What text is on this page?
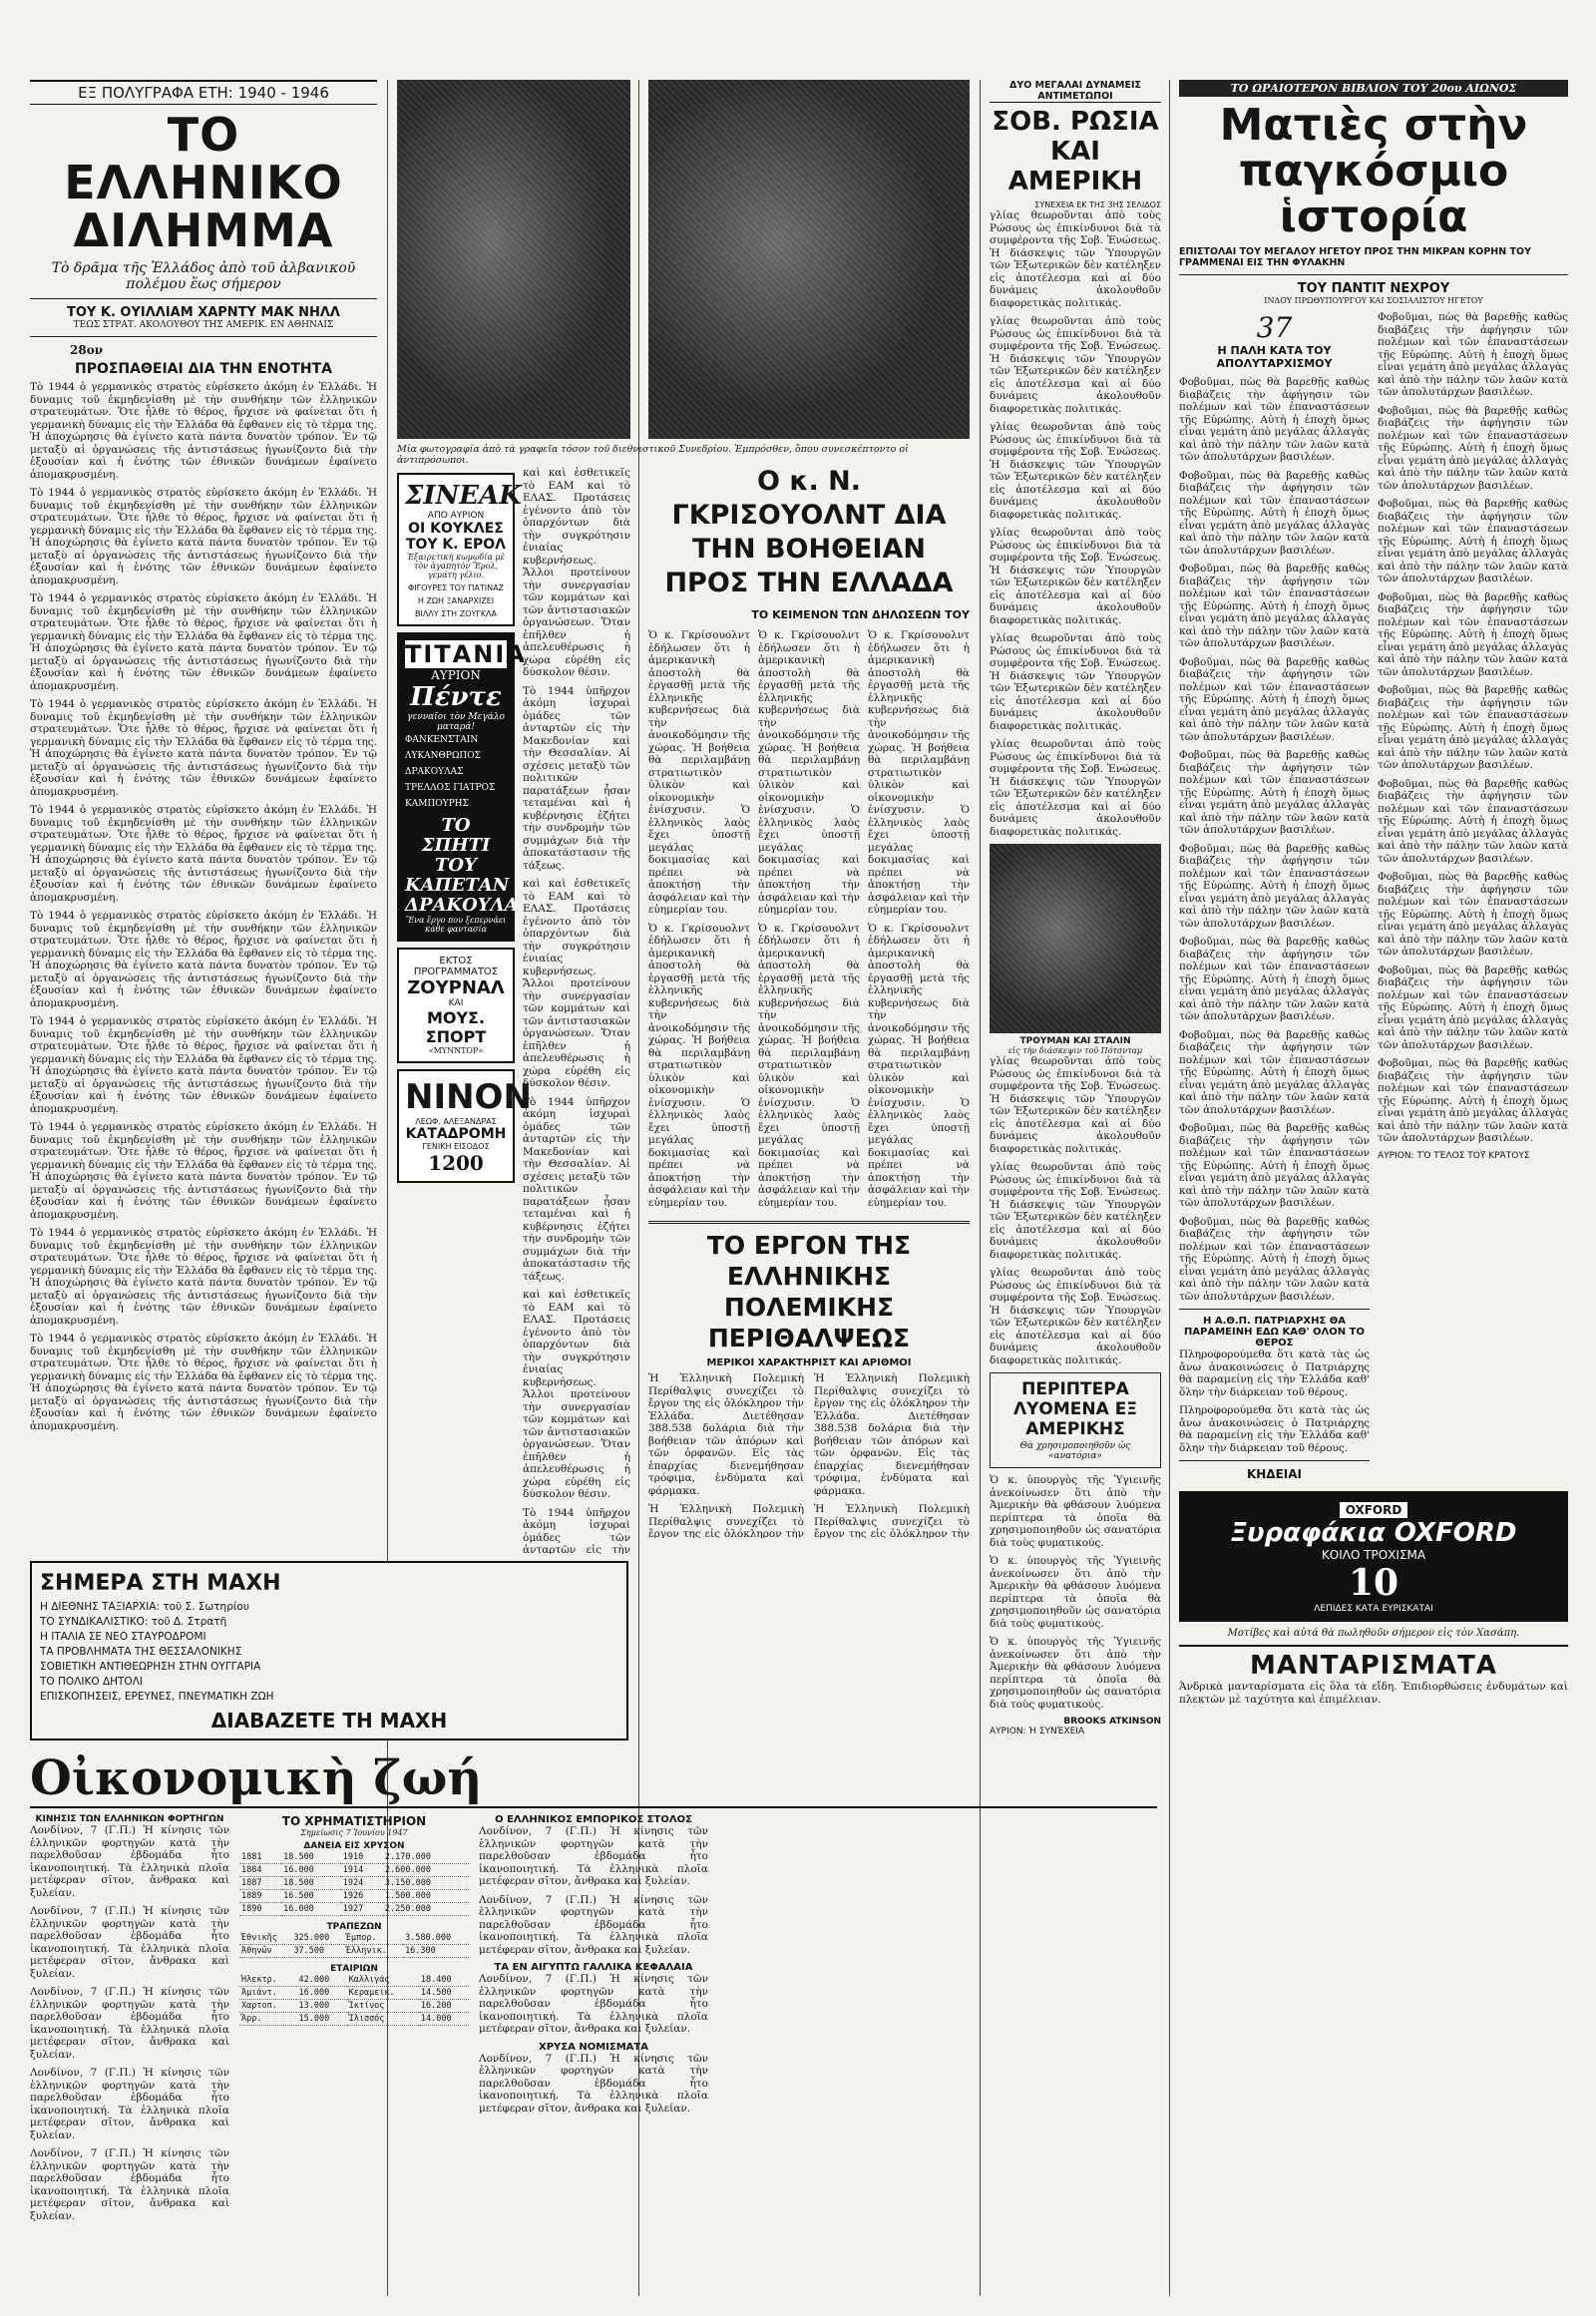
ΕΞ ΠΟΛΥΓΡΑΦΑ ΕΤΗ: 1940 - 1946
ΤΟ ΕΛΛΗΝΙΚΟ ΔΙΛΗΜΜΑ
Τὸ δρᾶμα τῆς Ἑλλάδος ἀπὸ τοῦ ἀλβανικοῦ πολέμου ἕως σήμερον
ΤΟΥ Κ. ΟΥΙΛΛΙΑΜ ΧΑΡΝΤΥ ΜΑΚ ΝΗΛΛ
ΤΕΩΣ ΣΤΡΑΤ. ΑΚΟΛΟΥΘΟΥ ΤΗΣ ΑΜΕΡΙΚ. ΕΝ ΑΘΗΝΑΙΣ
28ον
ΠΡΟΣΠΑΘΕΙΑΙ ΔΙΑ ΤΗΝ ΕΝΟΤΗΤΑ

Τὸ 1944 ὁ γερμανικὸς στρατὸς εὑρίσκετο ἀκόμη ἐν Ἑλλάδι. Ἡ δυναμις τοῦ ἐκμηδενίσθη μὲ τὴν συνθήκην τῶν ἑλληνικῶν στρατευμάτων. Ὅτε ἦλθε τὸ θέρος, ἤρχισε νὰ φαίνεται ὅτι ἡ γερμανικὴ δύναμις εἰς τὴν Ἑλλάδα θὰ ἔφθανεν εἰς τὸ τέρμα της. Ἡ ἀποχώρησις θὰ ἐγίνετο κατὰ πάντα δυνατὸν τρόπον. Ἐν τῷ μεταξὺ αἱ ὀργανώσεις τῆς ἀντιστάσεως ἠγωνίζοντο διὰ τὴν ἐξουσίαν καὶ ἡ ἑνότης τῶν ἐθνικῶν δυνάμεων ἐφαίνετο ἀπομακρυσμένη.

Τὸ 1944 ὁ γερμανικὸς στρατὸς εὑρίσκετο ἀκόμη ἐν Ἑλλάδι. Ἡ δυναμις τοῦ ἐκμηδενίσθη μὲ τὴν συνθήκην τῶν ἑλληνικῶν στρατευμάτων. Ὅτε ἦλθε τὸ θέρος, ἤρχισε νὰ φαίνεται ὅτι ἡ γερμανικὴ δύναμις εἰς τὴν Ἑλλάδα θὰ ἔφθανεν εἰς τὸ τέρμα της. Ἡ ἀποχώρησις θὰ ἐγίνετο κατὰ πάντα δυνατὸν τρόπον. Ἐν τῷ μεταξὺ αἱ ὀργανώσεις τῆς ἀντιστάσεως ἠγωνίζοντο διὰ τὴν ἐξουσίαν καὶ ἡ ἑνότης τῶν ἐθνικῶν δυνάμεων ἐφαίνετο ἀπομακρυσμένη.

Τὸ 1944 ὁ γερμανικὸς στρατὸς εὑρίσκετο ἀκόμη ἐν Ἑλλάδι. Ἡ δυναμις τοῦ ἐκμηδενίσθη μὲ τὴν συνθήκην τῶν ἑλληνικῶν στρατευμάτων. Ὅτε ἦλθε τὸ θέρος, ἤρχισε νὰ φαίνεται ὅτι ἡ γερμανικὴ δύναμις εἰς τὴν Ἑλλάδα θὰ ἔφθανεν εἰς τὸ τέρμα της. Ἡ ἀποχώρησις θὰ ἐγίνετο κατὰ πάντα δυνατὸν τρόπον. Ἐν τῷ μεταξὺ αἱ ὀργανώσεις τῆς ἀντιστάσεως ἠγωνίζοντο διὰ τὴν ἐξουσίαν καὶ ἡ ἑνότης τῶν ἐθνικῶν δυνάμεων ἐφαίνετο ἀπομακρυσμένη.

Τὸ 1944 ὁ γερμανικὸς στρατὸς εὑρίσκετο ἀκόμη ἐν Ἑλλάδι. Ἡ δυναμις τοῦ ἐκμηδενίσθη μὲ τὴν συνθήκην τῶν ἑλληνικῶν στρατευμάτων. Ὅτε ἦλθε τὸ θέρος, ἤρχισε νὰ φαίνεται ὅτι ἡ γερμανικὴ δύναμις εἰς τὴν Ἑλλάδα θὰ ἔφθανεν εἰς τὸ τέρμα της. Ἡ ἀποχώρησις θὰ ἐγίνετο κατὰ πάντα δυνατὸν τρόπον. Ἐν τῷ μεταξὺ αἱ ὀργανώσεις τῆς ἀντιστάσεως ἠγωνίζοντο διὰ τὴν ἐξουσίαν καὶ ἡ ἑνότης τῶν ἐθνικῶν δυνάμεων ἐφαίνετο ἀπομακρυσμένη.

Τὸ 1944 ὁ γερμανικὸς στρατὸς εὑρίσκετο ἀκόμη ἐν Ἑλλάδι. Ἡ δυναμις τοῦ ἐκμηδενίσθη μὲ τὴν συνθήκην τῶν ἑλληνικῶν στρατευμάτων. Ὅτε ἦλθε τὸ θέρος, ἤρχισε νὰ φαίνεται ὅτι ἡ γερμανικὴ δύναμις εἰς τὴν Ἑλλάδα θὰ ἔφθανεν εἰς τὸ τέρμα της. Ἡ ἀποχώρησις θὰ ἐγίνετο κατὰ πάντα δυνατὸν τρόπον. Ἐν τῷ μεταξὺ αἱ ὀργανώσεις τῆς ἀντιστάσεως ἠγωνίζοντο διὰ τὴν ἐξουσίαν καὶ ἡ ἑνότης τῶν ἐθνικῶν δυνάμεων ἐφαίνετο ἀπομακρυσμένη.

Τὸ 1944 ὁ γερμανικὸς στρατὸς εὑρίσκετο ἀκόμη ἐν Ἑλλάδι. Ἡ δυναμις τοῦ ἐκμηδενίσθη μὲ τὴν συνθήκην τῶν ἑλληνικῶν στρατευμάτων. Ὅτε ἦλθε τὸ θέρος, ἤρχισε νὰ φαίνεται ὅτι ἡ γερμανικὴ δύναμις εἰς τὴν Ἑλλάδα θὰ ἔφθανεν εἰς τὸ τέρμα της. Ἡ ἀποχώρησις θὰ ἐγίνετο κατὰ πάντα δυνατὸν τρόπον. Ἐν τῷ μεταξὺ αἱ ὀργανώσεις τῆς ἀντιστάσεως ἠγωνίζοντο διὰ τὴν ἐξουσίαν καὶ ἡ ἑνότης τῶν ἐθνικῶν δυνάμεων ἐφαίνετο ἀπομακρυσμένη.

Τὸ 1944 ὁ γερμανικὸς στρατὸς εὑρίσκετο ἀκόμη ἐν Ἑλλάδι. Ἡ δυναμις τοῦ ἐκμηδενίσθη μὲ τὴν συνθήκην τῶν ἑλληνικῶν στρατευμάτων. Ὅτε ἦλθε τὸ θέρος, ἤρχισε νὰ φαίνεται ὅτι ἡ γερμανικὴ δύναμις εἰς τὴν Ἑλλάδα θὰ ἔφθανεν εἰς τὸ τέρμα της. Ἡ ἀποχώρησις θὰ ἐγίνετο κατὰ πάντα δυνατὸν τρόπον. Ἐν τῷ μεταξὺ αἱ ὀργανώσεις τῆς ἀντιστάσεως ἠγωνίζοντο διὰ τὴν ἐξουσίαν καὶ ἡ ἑνότης τῶν ἐθνικῶν δυνάμεων ἐφαίνετο ἀπομακρυσμένη.

Τὸ 1944 ὁ γερμανικὸς στρατὸς εὑρίσκετο ἀκόμη ἐν Ἑλλάδι. Ἡ δυναμις τοῦ ἐκμηδενίσθη μὲ τὴν συνθήκην τῶν ἑλληνικῶν στρατευμάτων. Ὅτε ἦλθε τὸ θέρος, ἤρχισε νὰ φαίνεται ὅτι ἡ γερμανικὴ δύναμις εἰς τὴν Ἑλλάδα θὰ ἔφθανεν εἰς τὸ τέρμα της. Ἡ ἀποχώρησις θὰ ἐγίνετο κατὰ πάντα δυνατὸν τρόπον. Ἐν τῷ μεταξὺ αἱ ὀργανώσεις τῆς ἀντιστάσεως ἠγωνίζοντο διὰ τὴν ἐξουσίαν καὶ ἡ ἑνότης τῶν ἐθνικῶν δυνάμεων ἐφαίνετο ἀπομακρυσμένη.

Τὸ 1944 ὁ γερμανικὸς στρατὸς εὑρίσκετο ἀκόμη ἐν Ἑλλάδι. Ἡ δυναμις τοῦ ἐκμηδενίσθη μὲ τὴν συνθήκην τῶν ἑλληνικῶν στρατευμάτων. Ὅτε ἦλθε τὸ θέρος, ἤρχισε νὰ φαίνεται ὅτι ἡ γερμανικὴ δύναμις εἰς τὴν Ἑλλάδα θὰ ἔφθανεν εἰς τὸ τέρμα της. Ἡ ἀποχώρησις θὰ ἐγίνετο κατὰ πάντα δυνατὸν τρόπον. Ἐν τῷ μεταξὺ αἱ ὀργανώσεις τῆς ἀντιστάσεως ἠγωνίζοντο διὰ τὴν ἐξουσίαν καὶ ἡ ἑνότης τῶν ἐθνικῶν δυνάμεων ἐφαίνετο ἀπομακρυσμένη.

Τὸ 1944 ὁ γερμανικὸς στρατὸς εὑρίσκετο ἀκόμη ἐν Ἑλλάδι. Ἡ δυναμις τοῦ ἐκμηδενίσθη μὲ τὴν συνθήκην τῶν ἑλληνικῶν στρατευμάτων. Ὅτε ἦλθε τὸ θέρος, ἤρχισε νὰ φαίνεται ὅτι ἡ γερμανικὴ δύναμις εἰς τὴν Ἑλλάδα θὰ ἔφθανεν εἰς τὸ τέρμα της. Ἡ ἀποχώρησις θὰ ἐγίνετο κατὰ πάντα δυνατὸν τρόπον. Ἐν τῷ μεταξὺ αἱ ὀργανώσεις τῆς ἀντιστάσεως ἠγωνίζοντο διὰ τὴν ἐξουσίαν καὶ ἡ ἑνότης τῶν ἐθνικῶν δυνάμεων ἐφαίνετο ἀπομακρυσμένη.

ΣΗΜΕΡΑ ΣΤΗ ΜΑΧΗ
Η ΔΙΕΘΝΗΣ ΤΑΞΙΑΡΧΙΑ: τοῦ Σ. Σωτηρίου
ΤΟ ΣΥΝΔΙΚΑΛΙΣΤΙΚΟ: τοῦ Δ. Στρατῆ
Η ΙΤΑΛΙΑ ΣΕ ΝΕΟ ΣΤΑΥΡΟΔΡΟΜΙ
ΤΑ ΠΡΟΒΛΗΜΑΤΑ ΤΗΣ ΘΕΣΣΑΛΟΝΙΚΗΣ
ΣΟΒΙΕΤΙΚΗ ΑΝΤΙΘΕΩΡΗΣΗ ΣΤΗΝ ΟΥΓΓΑΡΙΑ
ΤΟ ΠΟΛΙΚΟ ΔΗΤΟΛΙ
ΕΠΙΣΚΟΠΗΣΕΙΣ, ΕΡΕΥΝΕΣ, ΠΝΕΥΜΑΤΙΚΗ ΖΩΗ
ΔΙΑΒΑΖΕΤΕ ΤΗ ΜΑΧΗ
Μία φωτογραφία ἀπὸ τὰ γραφεῖα τόσον τοῦ διεθνιστικοῦ Συνεδρίου. Ἐμπρόσθεν, ὅπου συνεσκέπτοντο οἱ ἀντιπρόσωποι.
ΣΙΝΕΑΚ
ΑΠΟ ΑΥΡΙΟΝ
ΟΙ ΚΟΥΚΛΕΣ ΤΟΥ Κ. ΕΡΟΛ
Ἐξαιρετικὴ κωμῳδία μὲ τὸν ἀγαπητὸν Ἔρολ, γεμάτη γέλιο.
ΦΙΓΟΥΡΕΣ ΤΟΥ ΠΑΤΙΝΑΖ
Η ΖΩΗ ΞΑΝΑΡΧΙΖΕΙ
ΒΙΛΛΥ ΣΤΗ ΖΟΥΓΚΛΑ
ΤΙΤΑΝΙΑ
ΑΥΡΙΟΝ
Πέντε
γενναῖοι τὸν Μεγάλο ματαρά!
ΦΑΝΚΕΝΣΤΑΙΝ
ΛΥΚΑΝΘΡΩΠΟΣ
ΔΡΑΚΟΥΛΑΣ
ΤΡΕΛΛΟΣ ΓΙΑΤΡΟΣ
ΚΑΜΠΟΥΡΗΣ
ΤΟ ΣΠΗΤΙ ΤΟΥ ΚΑΠΕΤΑΝ ΔΡΑΚΟΥΛΑ
Ἕνα ἔργο που ξεπερνάει κάθε φαντασία
ΕΚΤΟΣ ΠΡΟΓΡΑΜΜΑΤΟΣ
ΖΟΥΡΝΑΛ
ΚΑΙ
ΜΟΥΣ. ΣΠΟΡΤ
«ΜΥΝΝΤΟΡ»
ΝΙΝΟΝ
ΛΕΩΦ. ΑΛΕΞΑΝΔΡΑΣ
ΚΑΤΑΔΡΟΜΗ
ΓΕΝΙΚΗ ΕΙΣΟΔΟΣ
1200

καὶ καὶ ἐσθετικεῖς τὸ ΕΑΜ καὶ τὸ ΕΛΑΣ. Προτάσεις ἐγένοντο ἀπὸ τὸν ὁπαρχόντων διὰ τὴν συγκρότησιν ἐνιαίας κυβερνήσεως. Ἄλλοι προτείνουν τὴν συνεργασίαν τῶν κομμάτων καὶ τῶν ἀντιστασιακῶν ὀργανώσεων. Ὅταν ἐπῆλθεν ἡ ἀπελευθέρωσις ἡ χώρα εὑρέθη εἰς δύσκολον θέσιν.

Τὸ 1944 ὑπῆρχον ἀκόμη ἰσχυραὶ ὁμάδες τῶν ἀνταρτῶν εἰς τὴν Μακεδονίαν καὶ τὴν Θεσσαλίαν. Αἱ σχέσεις μεταξὺ τῶν πολιτικῶν παρατάξεων ἦσαν τεταμέναι καὶ ἡ κυβέρνησις ἐζήτει τὴν συνδρομὴν τῶν συμμάχων διὰ τὴν ἀποκατάστασιν τῆς τάξεως.

καὶ καὶ ἐσθετικεῖς τὸ ΕΑΜ καὶ τὸ ΕΛΑΣ. Προτάσεις ἐγένοντο ἀπὸ τὸν ὁπαρχόντων διὰ τὴν συγκρότησιν ἐνιαίας κυβερνήσεως. Ἄλλοι προτείνουν τὴν συνεργασίαν τῶν κομμάτων καὶ τῶν ἀντιστασιακῶν ὀργανώσεων. Ὅταν ἐπῆλθεν ἡ ἀπελευθέρωσις ἡ χώρα εὑρέθη εἰς δύσκολον θέσιν.

Τὸ 1944 ὑπῆρχον ἀκόμη ἰσχυραὶ ὁμάδες τῶν ἀνταρτῶν εἰς τὴν Μακεδονίαν καὶ τὴν Θεσσαλίαν. Αἱ σχέσεις μεταξὺ τῶν πολιτικῶν παρατάξεων ἦσαν τεταμέναι καὶ ἡ κυβέρνησις ἐζήτει τὴν συνδρομὴν τῶν συμμάχων διὰ τὴν ἀποκατάστασιν τῆς τάξεως.

καὶ καὶ ἐσθετικεῖς τὸ ΕΑΜ καὶ τὸ ΕΛΑΣ. Προτάσεις ἐγένοντο ἀπὸ τὸν ὁπαρχόντων διὰ τὴν συγκρότησιν ἐνιαίας κυβερνήσεως. Ἄλλοι προτείνουν τὴν συνεργασίαν τῶν κομμάτων καὶ τῶν ἀντιστασιακῶν ὀργανώσεων. Ὅταν ἐπῆλθεν ἡ ἀπελευθέρωσις ἡ χώρα εὑρέθη εἰς δύσκολον θέσιν.

Τὸ 1944 ὑπῆρχον ἀκόμη ἰσχυραὶ ὁμάδες τῶν ἀνταρτῶν εἰς τὴν

Ο κ. Ν. ΓΚΡΙΣΟΥΟΛΝΤ ΔΙΑ ΤΗΝ ΒΟΗΘΕΙΑΝ ΠΡΟΣ ΤΗΝ ΕΛΛΑΔΑ
ΤΟ ΚΕΙΜΕΝΟΝ ΤΩΝ ΔΗΛΩΣΕΩΝ ΤΟΥ

Ὁ κ. Γκρίσουολντ ἐδήλωσεν ὅτι ἡ ἀμερικανικὴ ἀποστολὴ θὰ ἐργασθῇ μετὰ τῆς ἑλληνικῆς κυβερνήσεως διὰ τὴν ἀνοικοδόμησιν τῆς χώρας. Ἡ βοήθεια θὰ περιλαμβάνῃ στρατιωτικὸν ὑλικὸν καὶ οἰκονομικὴν ἐνίσχυσιν. Ὁ ἑλληνικὸς λαὸς ἔχει ὑποστῇ μεγάλας δοκιμασίας καὶ πρέπει νὰ ἀποκτήσῃ τὴν ἀσφάλειαν καὶ τὴν εὐημερίαν του.

Ὁ κ. Γκρίσουολντ ἐδήλωσεν ὅτι ἡ ἀμερικανικὴ ἀποστολὴ θὰ ἐργασθῇ μετὰ τῆς ἑλληνικῆς κυβερνήσεως διὰ τὴν ἀνοικοδόμησιν τῆς χώρας. Ἡ βοήθεια θὰ περιλαμβάνῃ στρατιωτικὸν ὑλικὸν καὶ οἰκονομικὴν ἐνίσχυσιν. Ὁ ἑλληνικὸς λαὸς ἔχει ὑποστῇ μεγάλας δοκιμασίας καὶ πρέπει νὰ ἀποκτήσῃ τὴν ἀσφάλειαν καὶ τὴν εὐημερίαν του.

Ὁ κ. Γκρίσουολντ ἐδήλωσεν ὅτι ἡ ἀμερικανικὴ ἀποστολὴ θὰ ἐργασθῇ μετὰ τῆς ἑλληνικῆς κυβερνήσεως διὰ τὴν ἀνοικοδόμησιν τῆς χώρας. Ἡ βοήθεια θὰ περιλαμβάνῃ στρατιωτικὸν ὑλικὸν καὶ οἰκονομικὴν ἐνίσχυσιν. Ὁ ἑλληνικὸς λαὸς ἔχει ὑποστῇ μεγάλας δοκιμασίας καὶ πρέπει νὰ ἀποκτήσῃ τὴν ἀσφάλειαν καὶ τὴν εὐημερίαν του.

Ὁ κ. Γκρίσουολντ ἐδήλωσεν ὅτι ἡ ἀμερικανικὴ ἀποστολὴ θὰ ἐργασθῇ μετὰ τῆς ἑλληνικῆς κυβερνήσεως διὰ τὴν ἀνοικοδόμησιν τῆς χώρας. Ἡ βοήθεια θὰ περιλαμβάνῃ στρατιωτικὸν ὑλικὸν καὶ οἰκονομικὴν ἐνίσχυσιν. Ὁ ἑλληνικὸς λαὸς ἔχει ὑποστῇ μεγάλας δοκιμασίας καὶ πρέπει νὰ ἀποκτήσῃ τὴν ἀσφάλειαν καὶ τὴν εὐημερίαν του.

Ὁ κ. Γκρίσουολντ ἐδήλωσεν ὅτι ἡ ἀμερικανικὴ ἀποστολὴ θὰ ἐργασθῇ μετὰ τῆς ἑλληνικῆς κυβερνήσεως διὰ τὴν ἀνοικοδόμησιν τῆς χώρας. Ἡ βοήθεια θὰ περιλαμβάνῃ στρατιωτικὸν ὑλικὸν καὶ οἰκονομικὴν ἐνίσχυσιν. Ὁ ἑλληνικὸς λαὸς ἔχει ὑποστῇ μεγάλας δοκιμασίας καὶ πρέπει νὰ ἀποκτήσῃ τὴν ἀσφάλειαν καὶ τὴν εὐημερίαν του.

Ὁ κ. Γκρίσουολντ ἐδήλωσεν ὅτι ἡ ἀμερικανικὴ ἀποστολὴ θὰ ἐργασθῇ μετὰ τῆς ἑλληνικῆς κυβερνήσεως διὰ τὴν ἀνοικοδόμησιν τῆς χώρας. Ἡ βοήθεια θὰ περιλαμβάνῃ στρατιωτικὸν ὑλικὸν καὶ οἰκονομικὴν ἐνίσχυσιν. Ὁ ἑλληνικὸς λαὸς ἔχει ὑποστῇ μεγάλας δοκιμασίας καὶ πρέπει νὰ ἀποκτήσῃ τὴν ἀσφάλειαν καὶ τὴν εὐημερίαν του.

ΤΟ ΕΡΓΟΝ ΤΗΣ ΕΛΛΗΝΙΚΗΣ ΠΟΛΕΜΙΚΗΣ ΠΕΡΙΘΑΛΨΕΩΣ
ΜΕΡΙΚΟΙ ΧΑΡΑΚΤΗΡΙΣΤ ΚΑΙ ΑΡΙΘΜΟΙ

Ἡ Ἑλληνικὴ Πολεμικὴ Περίθαλψις συνεχίζει τὸ ἔργον της εἰς ὁλόκληρον τὴν Ἑλλάδα. Διετέθησαν 388.538 δολάρια διὰ τὴν βοήθειαν τῶν ἀπόρων καὶ τῶν ὀρφανῶν. Εἰς τὰς ἐπαρχίας διενεμήθησαν τρόφιμα, ἐνδύματα καὶ φάρμακα.

Ἡ Ἑλληνικὴ Πολεμικὴ Περίθαλψις συνεχίζει τὸ ἔργον της εἰς ὁλόκληρον τὴν

Ἡ Ἑλληνικὴ Πολεμικὴ Περίθαλψις συνεχίζει τὸ ἔργον της εἰς ὁλόκληρον τὴν Ἑλλάδα. Διετέθησαν 388.538 δολάρια διὰ τὴν βοήθειαν τῶν ἀπόρων καὶ τῶν ὀρφανῶν. Εἰς τὰς ἐπαρχίας διενεμήθησαν τρόφιμα, ἐνδύματα καὶ φάρμακα.

Ἡ Ἑλληνικὴ Πολεμικὴ Περίθαλψις συνεχίζει τὸ ἔργον της εἰς ὁλόκληρον τὴν

Οἰκονομικὴ ζωή
ΚΙΝΗΣΙΣ ΤΩΝ ΕΛΛΗΝΙΚΩΝ ΦΟΡΤΗΓΩΝ

Λονδίνον, 7 (Γ.Π.) Ἡ κίνησις τῶν ἑλληνικῶν φορτηγῶν κατὰ τὴν παρελθοῦσαν ἑβδομάδα ἦτο ἱκανοποιητική. Τὰ ἑλληνικὰ πλοῖα μετέφεραν σῖτον, ἄνθρακα καὶ ξυλείαν.

Λονδίνον, 7 (Γ.Π.) Ἡ κίνησις τῶν ἑλληνικῶν φορτηγῶν κατὰ τὴν παρελθοῦσαν ἑβδομάδα ἦτο ἱκανοποιητική. Τὰ ἑλληνικὰ πλοῖα μετέφεραν σῖτον, ἄνθρακα καὶ ξυλείαν.

Λονδίνον, 7 (Γ.Π.) Ἡ κίνησις τῶν ἑλληνικῶν φορτηγῶν κατὰ τὴν παρελθοῦσαν ἑβδομάδα ἦτο ἱκανοποιητική. Τὰ ἑλληνικὰ πλοῖα μετέφεραν σῖτον, ἄνθρακα καὶ ξυλείαν.

Λονδίνον, 7 (Γ.Π.) Ἡ κίνησις τῶν ἑλληνικῶν φορτηγῶν κατὰ τὴν παρελθοῦσαν ἑβδομάδα ἦτο ἱκανοποιητική. Τὰ ἑλληνικὰ πλοῖα μετέφεραν σῖτον, ἄνθρακα καὶ ξυλείαν.

Λονδίνον, 7 (Γ.Π.) Ἡ κίνησις τῶν ἑλληνικῶν φορτηγῶν κατὰ τὴν παρελθοῦσαν ἑβδομάδα ἦτο ἱκανοποιητική. Τὰ ἑλληνικὰ πλοῖα μετέφεραν σῖτον, ἄνθρακα καὶ ξυλείαν.

ΤΟ ΧΡΗΜΑΤΙΣΤΗΡΙΟΝ
Σημείωσις 7 Ἰουνίου 1947
ΔΑΝΕΙΑ ΕΙΣ ΧΡΥΣΟΝ
1881	18.500	1910	2.170.000
1884	16.000	1914	2.600.000
1887	18.500	1924	3.150.000
1889	16.500	1926	1.500.000
1890	16.000	1927	2.250.000
ΤΡΑΠΕΖΩΝ
Ἐθνικῆς	325.000	Ἐμπορ.	3.580.000
Ἀθηνῶν	37.500	Ἐλληνικ.	16.300
ΕΤΑΙΡΙΩΝ
Ἠλεκτρ.	42.000	Καλλιγάς	18.400
Ἀμιάντ.	16.000	Κεραμεικ.	14.500
Χαρτοπ.	13.000	Ἰκτίνος	16.200
Ἄρρ.	15.000	Ἰλισσός	14.000
Ο ΕΛΛΗΝΙΚΟΣ ΕΜΠΟΡΙΚΟΣ ΣΤΟΛΟΣ

Λονδίνον, 7 (Γ.Π.) Ἡ κίνησις τῶν ἑλληνικῶν φορτηγῶν κατὰ τὴν παρελθοῦσαν ἑβδομάδα ἦτο ἱκανοποιητική. Τὰ ἑλληνικὰ πλοῖα μετέφεραν σῖτον, ἄνθρακα καὶ ξυλείαν.

Λονδίνον, 7 (Γ.Π.) Ἡ κίνησις τῶν ἑλληνικῶν φορτηγῶν κατὰ τὴν παρελθοῦσαν ἑβδομάδα ἦτο ἱκανοποιητική. Τὰ ἑλληνικὰ πλοῖα μετέφεραν σῖτον, ἄνθρακα καὶ ξυλείαν.

ΤΑ ΕΝ ΑΙΓΥΠΤΩ ΓΑΛΛΙΚΑ ΚΕΦΑΛΑΙΑ

Λονδίνον, 7 (Γ.Π.) Ἡ κίνησις τῶν ἑλληνικῶν φορτηγῶν κατὰ τὴν παρελθοῦσαν ἑβδομάδα ἦτο ἱκανοποιητική. Τὰ ἑλληνικὰ πλοῖα μετέφεραν σῖτον, ἄνθρακα καὶ ξυλείαν.

ΧΡΥΣΑ ΝΟΜΙΣΜΑΤΑ

Λονδίνον, 7 (Γ.Π.) Ἡ κίνησις τῶν ἑλληνικῶν φορτηγῶν κατὰ τὴν παρελθοῦσαν ἑβδομάδα ἦτο ἱκανοποιητική. Τὰ ἑλληνικὰ πλοῖα μετέφεραν σῖτον, ἄνθρακα καὶ ξυλείαν.

ΔΥΟ ΜΕΓΑΛΑΙ ΔΥΝΑΜΕΙΣ ΑΝΤΙΜΕΤΩΠΟΙ
ΣΟΒ. ΡΩΣΙΑ ΚΑΙ ΑΜΕΡΙΚΗ
ΣΥΝΕΧΕΙΑ ΕΚ ΤΗΣ 3ΗΣ ΣΕΛΙΔΟΣ

γλίας θεωροῦνται ἀπὸ τοὺς Ρώσους ὡς ἐπικίνδυνοι διὰ τὰ συμφέροντα τῆς Σοβ. Ἑνώσεως. Ἡ διάσκεψις τῶν Ὑπουργῶν τῶν Ἐξωτερικῶν δὲν κατέληξεν εἰς ἀποτέλεσμα καὶ αἱ δύο δυνάμεις ἀκολουθοῦν διαφορετικὰς πολιτικάς.

γλίας θεωροῦνται ἀπὸ τοὺς Ρώσους ὡς ἐπικίνδυνοι διὰ τὰ συμφέροντα τῆς Σοβ. Ἑνώσεως. Ἡ διάσκεψις τῶν Ὑπουργῶν τῶν Ἐξωτερικῶν δὲν κατέληξεν εἰς ἀποτέλεσμα καὶ αἱ δύο δυνάμεις ἀκολουθοῦν διαφορετικὰς πολιτικάς.

γλίας θεωροῦνται ἀπὸ τοὺς Ρώσους ὡς ἐπικίνδυνοι διὰ τὰ συμφέροντα τῆς Σοβ. Ἑνώσεως. Ἡ διάσκεψις τῶν Ὑπουργῶν τῶν Ἐξωτερικῶν δὲν κατέληξεν εἰς ἀποτέλεσμα καὶ αἱ δύο δυνάμεις ἀκολουθοῦν διαφορετικὰς πολιτικάς.

γλίας θεωροῦνται ἀπὸ τοὺς Ρώσους ὡς ἐπικίνδυνοι διὰ τὰ συμφέροντα τῆς Σοβ. Ἑνώσεως. Ἡ διάσκεψις τῶν Ὑπουργῶν τῶν Ἐξωτερικῶν δὲν κατέληξεν εἰς ἀποτέλεσμα καὶ αἱ δύο δυνάμεις ἀκολουθοῦν διαφορετικὰς πολιτικάς.

γλίας θεωροῦνται ἀπὸ τοὺς Ρώσους ὡς ἐπικίνδυνοι διὰ τὰ συμφέροντα τῆς Σοβ. Ἑνώσεως. Ἡ διάσκεψις τῶν Ὑπουργῶν τῶν Ἐξωτερικῶν δὲν κατέληξεν εἰς ἀποτέλεσμα καὶ αἱ δύο δυνάμεις ἀκολουθοῦν διαφορετικὰς πολιτικάς.

γλίας θεωροῦνται ἀπὸ τοὺς Ρώσους ὡς ἐπικίνδυνοι διὰ τὰ συμφέροντα τῆς Σοβ. Ἑνώσεως. Ἡ διάσκεψις τῶν Ὑπουργῶν τῶν Ἐξωτερικῶν δὲν κατέληξεν εἰς ἀποτέλεσμα καὶ αἱ δύο δυνάμεις ἀκολουθοῦν διαφορετικὰς πολιτικάς.

ΤΡΟΥΜΑΝ ΚΑΙ ΣΤΑΛΙΝ
εἰς τὴν διάσκεψιν τοῦ Πότσνταμ

γλίας θεωροῦνται ἀπὸ τοὺς Ρώσους ὡς ἐπικίνδυνοι διὰ τὰ συμφέροντα τῆς Σοβ. Ἑνώσεως. Ἡ διάσκεψις τῶν Ὑπουργῶν τῶν Ἐξωτερικῶν δὲν κατέληξεν εἰς ἀποτέλεσμα καὶ αἱ δύο δυνάμεις ἀκολουθοῦν διαφορετικὰς πολιτικάς.

γλίας θεωροῦνται ἀπὸ τοὺς Ρώσους ὡς ἐπικίνδυνοι διὰ τὰ συμφέροντα τῆς Σοβ. Ἑνώσεως. Ἡ διάσκεψις τῶν Ὑπουργῶν τῶν Ἐξωτερικῶν δὲν κατέληξεν εἰς ἀποτέλεσμα καὶ αἱ δύο δυνάμεις ἀκολουθοῦν διαφορετικὰς πολιτικάς.

γλίας θεωροῦνται ἀπὸ τοὺς Ρώσους ὡς ἐπικίνδυνοι διὰ τὰ συμφέροντα τῆς Σοβ. Ἑνώσεως. Ἡ διάσκεψις τῶν Ὑπουργῶν τῶν Ἐξωτερικῶν δὲν κατέληξεν εἰς ἀποτέλεσμα καὶ αἱ δύο δυνάμεις ἀκολουθοῦν διαφορετικὰς πολιτικάς.

ΠΕΡΙΠΤΕΡΑ ΛΥΟΜΕΝΑ ΕΞ ΑΜΕΡΙΚΗΣ
Θὰ χρησιμοποιηθοῦν ὡς «ανατόρια»

Ὁ κ. ὑπουργὸς τῆς Ὑγιεινῆς ἀνεκοίνωσεν ὅτι ἀπὸ τὴν Ἀμερικὴν θὰ φθάσουν λυόμενα περίπτερα τὰ ὁποῖα θὰ χρησιμοποιηθοῦν ὡς σανατόρια διὰ τοὺς φυματικούς.

Ὁ κ. ὑπουργὸς τῆς Ὑγιεινῆς ἀνεκοίνωσεν ὅτι ἀπὸ τὴν Ἀμερικὴν θὰ φθάσουν λυόμενα περίπτερα τὰ ὁποῖα θὰ χρησιμοποιηθοῦν ὡς σανατόρια διὰ τοὺς φυματικούς.

Ὁ κ. ὑπουργὸς τῆς Ὑγιεινῆς ἀνεκοίνωσεν ὅτι ἀπὸ τὴν Ἀμερικὴν θὰ φθάσουν λυόμενα περίπτερα τὰ ὁποῖα θὰ χρησιμοποιηθοῦν ὡς σανατόρια διὰ τοὺς φυματικούς.

BROOKS ATKINSON
ΑΥΡΙΟΝ: Ἡ ΣΥΝΈΧΕΙΑ
ΤΟ ΩΡΑΙΟΤΕΡΟΝ ΒΙΒΛΙΟΝ ΤΟΥ 20ου ΑΙΩΝΟΣ
Ματιὲς στὴν παγκόσμιο ἱστορία
ΕΠΙΣΤΟΛΑΙ ΤΟΥ ΜΕΓΑΛΟΥ ΗΓΕΤΟΥ ΠΡΟΣ ΤΗΝ ΜΙΚΡΑΝ ΚΟΡΗΝ ΤΟΥ ΓΡΑΜΜΕΝΑΙ ΕΙΣ ΤΗΝ ΦΥΛΑΚΗΝ
ΤΟΥ ΠΑΝΤΙΤ ΝΕΧΡΟΥ
ΙΝΔΟΥ ΠΡΩΘΥΠΟΥΡΓΟΥ ΚΑΙ ΣΟΣΙΑΛΙΣΤΟΥ ΗΓΕΤΟΥ
37
Η ΠΑΛΗ ΚΑΤΑ ΤΟΥ ΑΠΟΛΥΤΑΡΧΙΣΜΟΥ

Φοβοῦμαι, πὼς θὰ βαρεθῇς καθὼς διαβάζεις τὴν ἀφήγησιν τῶν πολέμων καὶ τῶν ἐπαναστάσεων τῆς Εὐρώπης. Αὐτὴ ἡ ἐποχὴ ὅμως εἶναι γεμάτη ἀπὸ μεγάλας ἀλλαγὰς καὶ ἀπὸ τὴν πάλην τῶν λαῶν κατὰ τῶν ἀπολυτάρχων βασιλέων.

Φοβοῦμαι, πὼς θὰ βαρεθῇς καθὼς διαβάζεις τὴν ἀφήγησιν τῶν πολέμων καὶ τῶν ἐπαναστάσεων τῆς Εὐρώπης. Αὐτὴ ἡ ἐποχὴ ὅμως εἶναι γεμάτη ἀπὸ μεγάλας ἀλλαγὰς καὶ ἀπὸ τὴν πάλην τῶν λαῶν κατὰ τῶν ἀπολυτάρχων βασιλέων.

Φοβοῦμαι, πὼς θὰ βαρεθῇς καθὼς διαβάζεις τὴν ἀφήγησιν τῶν πολέμων καὶ τῶν ἐπαναστάσεων τῆς Εὐρώπης. Αὐτὴ ἡ ἐποχὴ ὅμως εἶναι γεμάτη ἀπὸ μεγάλας ἀλλαγὰς καὶ ἀπὸ τὴν πάλην τῶν λαῶν κατὰ τῶν ἀπολυτάρχων βασιλέων.

Φοβοῦμαι, πὼς θὰ βαρεθῇς καθὼς διαβάζεις τὴν ἀφήγησιν τῶν πολέμων καὶ τῶν ἐπαναστάσεων τῆς Εὐρώπης. Αὐτὴ ἡ ἐποχὴ ὅμως εἶναι γεμάτη ἀπὸ μεγάλας ἀλλαγὰς καὶ ἀπὸ τὴν πάλην τῶν λαῶν κατὰ τῶν ἀπολυτάρχων βασιλέων.

Φοβοῦμαι, πὼς θὰ βαρεθῇς καθὼς διαβάζεις τὴν ἀφήγησιν τῶν πολέμων καὶ τῶν ἐπαναστάσεων τῆς Εὐρώπης. Αὐτὴ ἡ ἐποχὴ ὅμως εἶναι γεμάτη ἀπὸ μεγάλας ἀλλαγὰς καὶ ἀπὸ τὴν πάλην τῶν λαῶν κατὰ τῶν ἀπολυτάρχων βασιλέων.

Φοβοῦμαι, πὼς θὰ βαρεθῇς καθὼς διαβάζεις τὴν ἀφήγησιν τῶν πολέμων καὶ τῶν ἐπαναστάσεων τῆς Εὐρώπης. Αὐτὴ ἡ ἐποχὴ ὅμως εἶναι γεμάτη ἀπὸ μεγάλας ἀλλαγὰς καὶ ἀπὸ τὴν πάλην τῶν λαῶν κατὰ τῶν ἀπολυτάρχων βασιλέων.

Φοβοῦμαι, πὼς θὰ βαρεθῇς καθὼς διαβάζεις τὴν ἀφήγησιν τῶν πολέμων καὶ τῶν ἐπαναστάσεων τῆς Εὐρώπης. Αὐτὴ ἡ ἐποχὴ ὅμως εἶναι γεμάτη ἀπὸ μεγάλας ἀλλαγὰς καὶ ἀπὸ τὴν πάλην τῶν λαῶν κατὰ τῶν ἀπολυτάρχων βασιλέων.

Φοβοῦμαι, πὼς θὰ βαρεθῇς καθὼς διαβάζεις τὴν ἀφήγησιν τῶν πολέμων καὶ τῶν ἐπαναστάσεων τῆς Εὐρώπης. Αὐτὴ ἡ ἐποχὴ ὅμως εἶναι γεμάτη ἀπὸ μεγάλας ἀλλαγὰς καὶ ἀπὸ τὴν πάλην τῶν λαῶν κατὰ τῶν ἀπολυτάρχων βασιλέων.

Φοβοῦμαι, πὼς θὰ βαρεθῇς καθὼς διαβάζεις τὴν ἀφήγησιν τῶν πολέμων καὶ τῶν ἐπαναστάσεων τῆς Εὐρώπης. Αὐτὴ ἡ ἐποχὴ ὅμως εἶναι γεμάτη ἀπὸ μεγάλας ἀλλαγὰς καὶ ἀπὸ τὴν πάλην τῶν λαῶν κατὰ τῶν ἀπολυτάρχων βασιλέων.

Φοβοῦμαι, πὼς θὰ βαρεθῇς καθὼς διαβάζεις τὴν ἀφήγησιν τῶν πολέμων καὶ τῶν ἐπαναστάσεων τῆς Εὐρώπης. Αὐτὴ ἡ ἐποχὴ ὅμως εἶναι γεμάτη ἀπὸ μεγάλας ἀλλαγὰς καὶ ἀπὸ τὴν πάλην τῶν λαῶν κατὰ τῶν ἀπολυτάρχων βασιλέων.

Η Α.Θ.Π. ΠΑΤΡΙΑΡΧΗΣ ΘΑ ΠΑΡΑΜΕΙΝΗ ΕΔΩ ΚΑΘ' ΟΛΟΝ ΤΟ ΘΕΡΟΣ

Πληροφορούμεθα ὅτι κατὰ τὰς ὡς ἄνω ἀνακοινώσεις ὁ Πατριάρχης θὰ παραμείνῃ εἰς τὴν Ἑλλάδα καθ' ὅλην τὴν διάρκειαν τοῦ θέρους.

Πληροφορούμεθα ὅτι κατὰ τὰς ὡς ἄνω ἀνακοινώσεις ὁ Πατριάρχης θὰ παραμείνῃ εἰς τὴν Ἑλλάδα καθ' ὅλην τὴν διάρκειαν τοῦ θέρους.

ΚΗΔΕΙΑΙ

Φοβοῦμαι, πὼς θὰ βαρεθῇς καθὼς διαβάζεις τὴν ἀφήγησιν τῶν πολέμων καὶ τῶν ἐπαναστάσεων τῆς Εὐρώπης. Αὐτὴ ἡ ἐποχὴ ὅμως εἶναι γεμάτη ἀπὸ μεγάλας ἀλλαγὰς καὶ ἀπὸ τὴν πάλην τῶν λαῶν κατὰ τῶν ἀπολυτάρχων βασιλέων.

Φοβοῦμαι, πὼς θὰ βαρεθῇς καθὼς διαβάζεις τὴν ἀφήγησιν τῶν πολέμων καὶ τῶν ἐπαναστάσεων τῆς Εὐρώπης. Αὐτὴ ἡ ἐποχὴ ὅμως εἶναι γεμάτη ἀπὸ μεγάλας ἀλλαγὰς καὶ ἀπὸ τὴν πάλην τῶν λαῶν κατὰ τῶν ἀπολυτάρχων βασιλέων.

Φοβοῦμαι, πὼς θὰ βαρεθῇς καθὼς διαβάζεις τὴν ἀφήγησιν τῶν πολέμων καὶ τῶν ἐπαναστάσεων τῆς Εὐρώπης. Αὐτὴ ἡ ἐποχὴ ὅμως εἶναι γεμάτη ἀπὸ μεγάλας ἀλλαγὰς καὶ ἀπὸ τὴν πάλην τῶν λαῶν κατὰ τῶν ἀπολυτάρχων βασιλέων.

Φοβοῦμαι, πὼς θὰ βαρεθῇς καθὼς διαβάζεις τὴν ἀφήγησιν τῶν πολέμων καὶ τῶν ἐπαναστάσεων τῆς Εὐρώπης. Αὐτὴ ἡ ἐποχὴ ὅμως εἶναι γεμάτη ἀπὸ μεγάλας ἀλλαγὰς καὶ ἀπὸ τὴν πάλην τῶν λαῶν κατὰ τῶν ἀπολυτάρχων βασιλέων.

Φοβοῦμαι, πὼς θὰ βαρεθῇς καθὼς διαβάζεις τὴν ἀφήγησιν τῶν πολέμων καὶ τῶν ἐπαναστάσεων τῆς Εὐρώπης. Αὐτὴ ἡ ἐποχὴ ὅμως εἶναι γεμάτη ἀπὸ μεγάλας ἀλλαγὰς καὶ ἀπὸ τὴν πάλην τῶν λαῶν κατὰ τῶν ἀπολυτάρχων βασιλέων.

Φοβοῦμαι, πὼς θὰ βαρεθῇς καθὼς διαβάζεις τὴν ἀφήγησιν τῶν πολέμων καὶ τῶν ἐπαναστάσεων τῆς Εὐρώπης. Αὐτὴ ἡ ἐποχὴ ὅμως εἶναι γεμάτη ἀπὸ μεγάλας ἀλλαγὰς καὶ ἀπὸ τὴν πάλην τῶν λαῶν κατὰ τῶν ἀπολυτάρχων βασιλέων.

Φοβοῦμαι, πὼς θὰ βαρεθῇς καθὼς διαβάζεις τὴν ἀφήγησιν τῶν πολέμων καὶ τῶν ἐπαναστάσεων τῆς Εὐρώπης. Αὐτὴ ἡ ἐποχὴ ὅμως εἶναι γεμάτη ἀπὸ μεγάλας ἀλλαγὰς καὶ ἀπὸ τὴν πάλην τῶν λαῶν κατὰ τῶν ἀπολυτάρχων βασιλέων.

Φοβοῦμαι, πὼς θὰ βαρεθῇς καθὼς διαβάζεις τὴν ἀφήγησιν τῶν πολέμων καὶ τῶν ἐπαναστάσεων τῆς Εὐρώπης. Αὐτὴ ἡ ἐποχὴ ὅμως εἶναι γεμάτη ἀπὸ μεγάλας ἀλλαγὰς καὶ ἀπὸ τὴν πάλην τῶν λαῶν κατὰ τῶν ἀπολυτάρχων βασιλέων.

Φοβοῦμαι, πὼς θὰ βαρεθῇς καθὼς διαβάζεις τὴν ἀφήγησιν τῶν πολέμων καὶ τῶν ἐπαναστάσεων τῆς Εὐρώπης. Αὐτὴ ἡ ἐποχὴ ὅμως εἶναι γεμάτη ἀπὸ μεγάλας ἀλλαγὰς καὶ ἀπὸ τὴν πάλην τῶν λαῶν κατὰ τῶν ἀπολυτάρχων βασιλέων.

ΑΥΡΙΟΝ: ΤῸ ΤΈΛΟΣ ΤΟΥ͂ ΚΡΆΤΟΥΣ
OXFORD
Ξυραφάκια OXFORD
ΚΟΙΛΟ ΤΡΟΧΙΣΜΑ
10
ΛΕΠΙΔΕΣ ΚΑΤΑ ΕΥΡΙΣΚΑΤΑΙ
Μοτίβες καὶ αὐτά θὰ πωληθοῦν σήμερον εἰς τὸν Χασάπη.
ΜΑΝΤΑΡΙΣΜΑΤΑ

Ἀνδρικὰ μανταρίσματα εἰς ὅλα τὰ εἴδη. Ἐπιδιορθώσεις ἐνδυμάτων καὶ πλεκτῶν μὲ ταχύτητα καὶ ἐπιμέλειαν.
